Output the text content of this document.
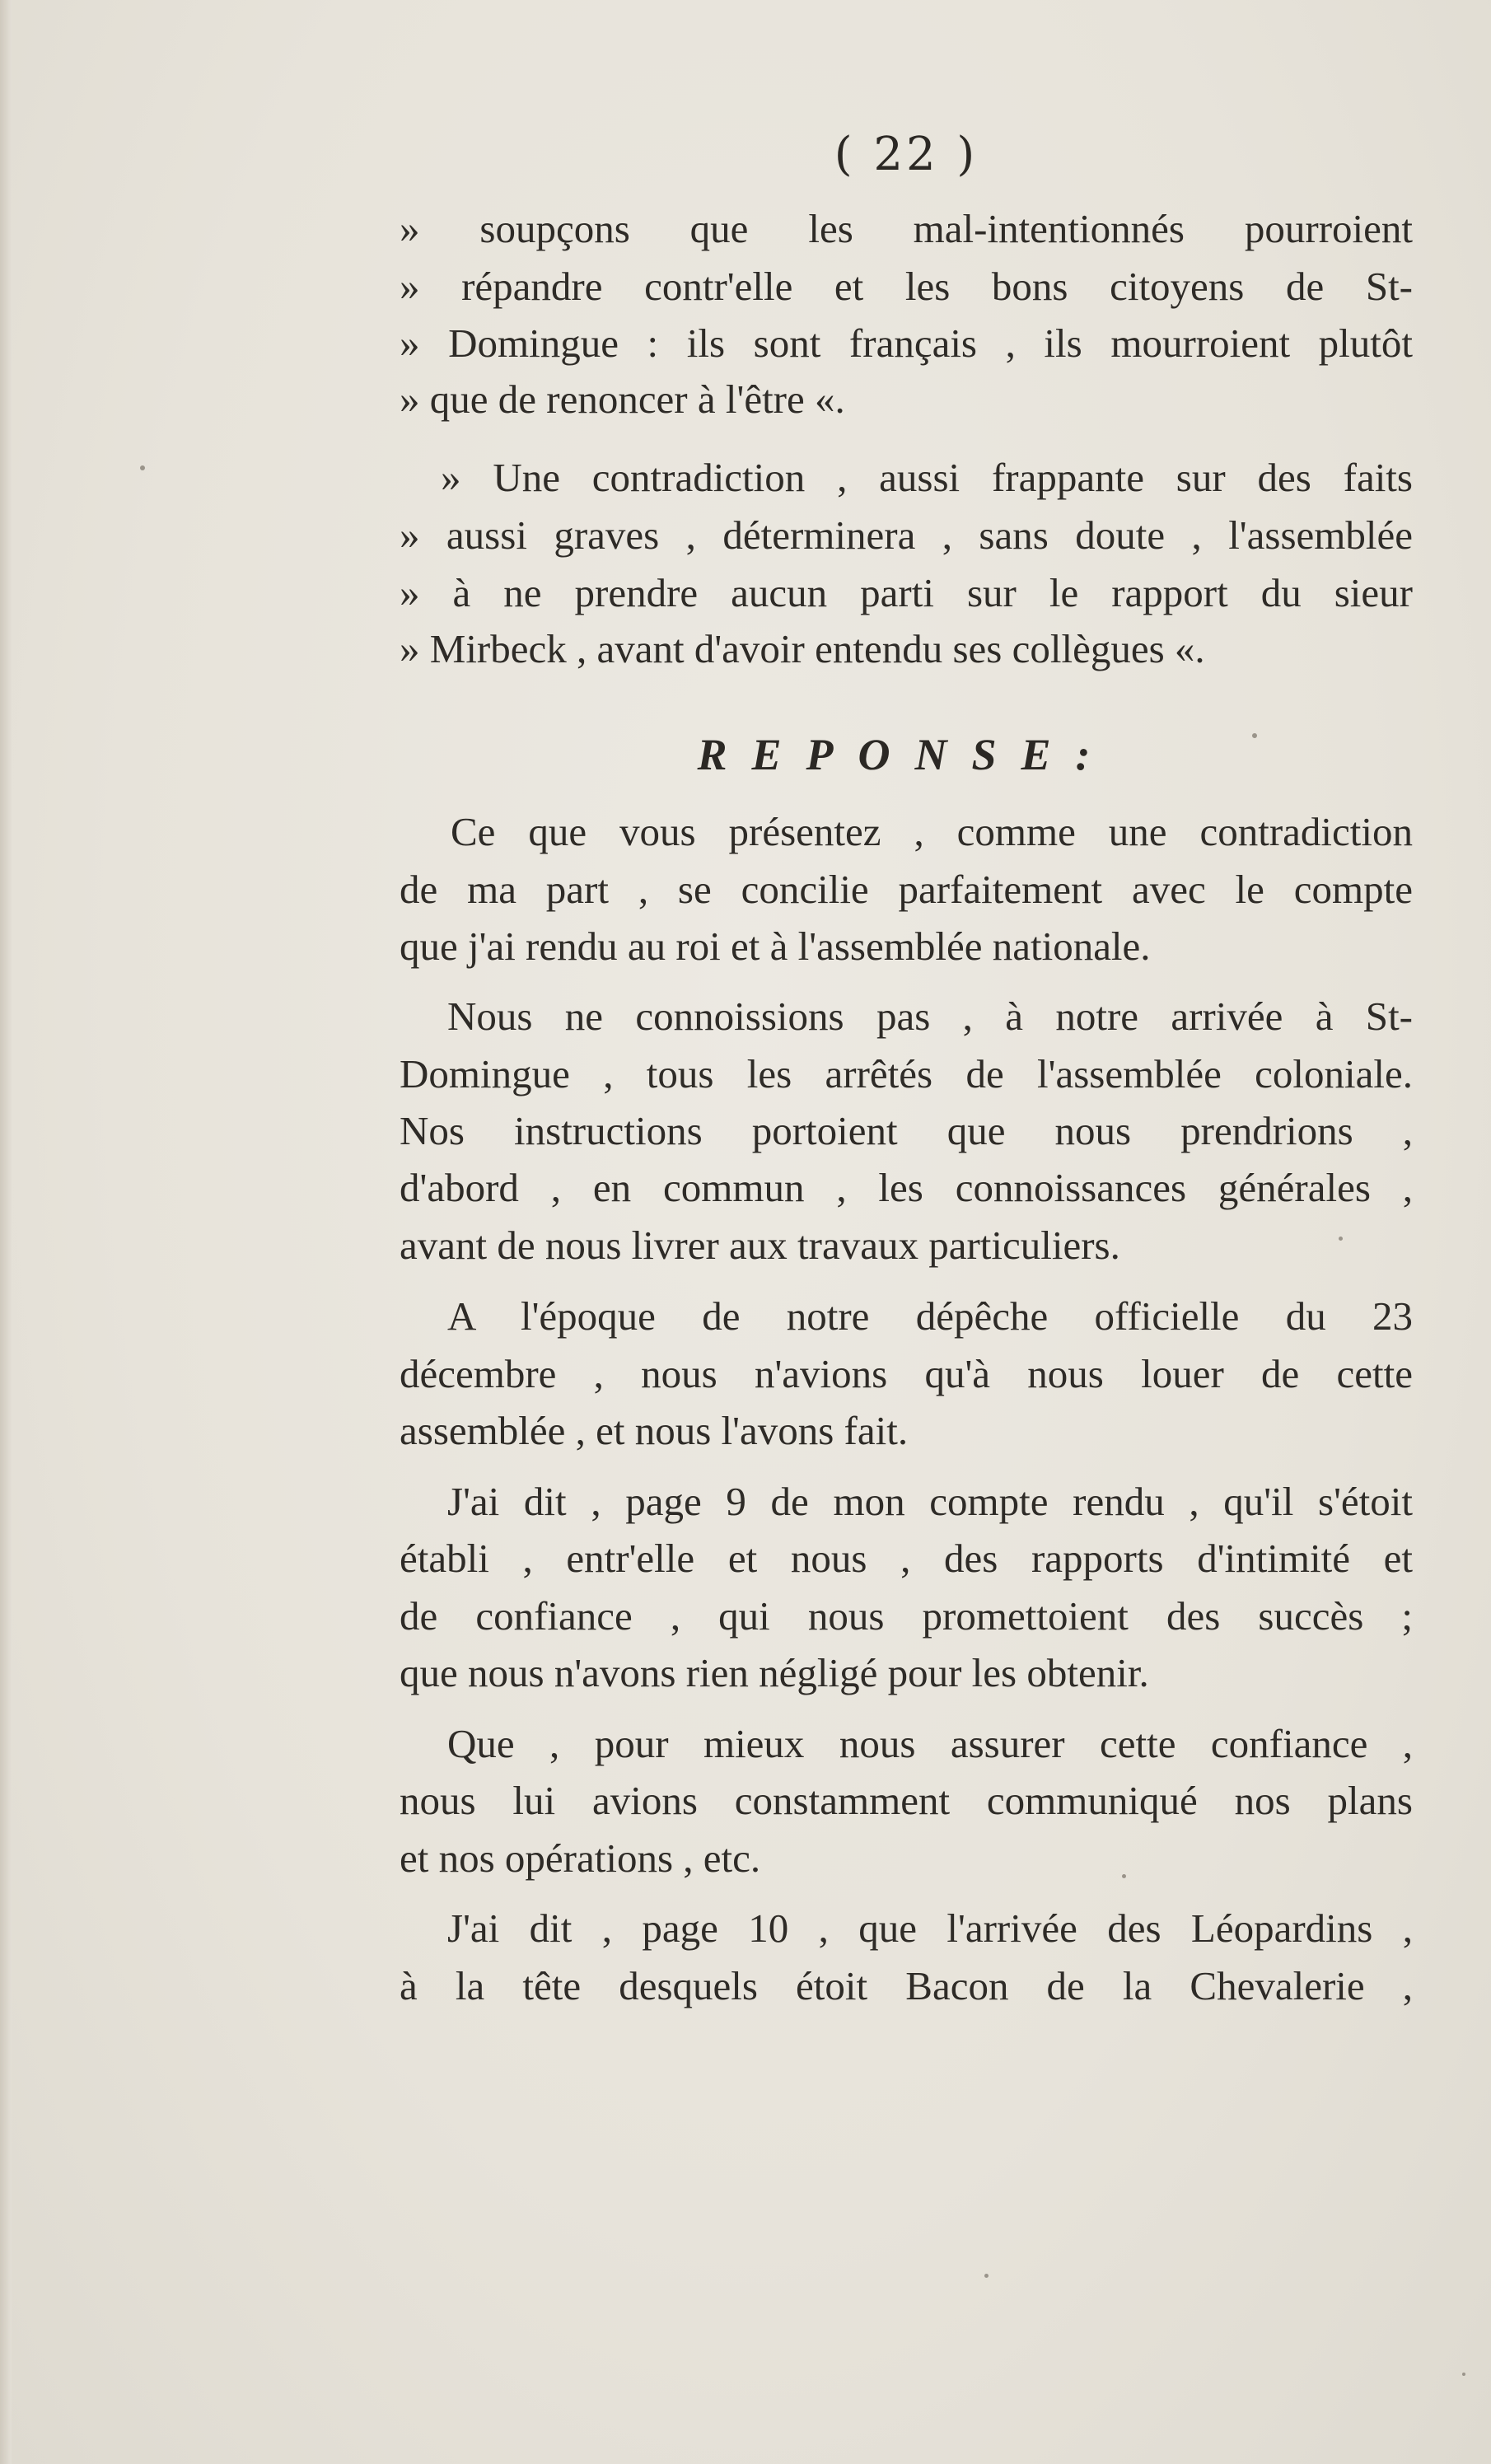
( 22 )
» soupçons que les mal-intentionnés pourroient
» répandre contr'elle et les bons citoyens de St-
» Domingue : ils sont français , ils mourroient plutôt
» que de renoncer à l'être «.
» Une contradiction , aussi frappante sur des faits
» aussi graves , déterminera , sans doute , l'assemblée
» à ne prendre aucun parti sur le rapport du sieur
» Mirbeck , avant d'avoir entendu ses collègues «.
REPONSE:
Ce que vous présentez , comme une contradiction
de ma part , se concilie parfaitement avec le compte
que j'ai rendu au roi et à l'assemblée nationale.
Nous ne connoissions pas , à notre arrivée à St-
Domingue , tous les arrêtés de l'assemblée coloniale.
Nos instructions portoient que nous prendrions ,
d'abord , en commun , les connoissances générales ,
avant de nous livrer aux travaux particuliers.
A l'époque de notre dépêche officielle du 23
décembre , nous n'avions qu'à nous louer de cette
assemblée , et nous l'avons fait.
J'ai dit , page 9 de mon compte rendu , qu'il s'étoit
établi , entr'elle et nous , des rapports d'intimité et
de confiance , qui nous promettoient des succès ;
que nous n'avons rien négligé pour les obtenir.
Que , pour mieux nous assurer cette confiance ,
nous lui avions constamment communiqué nos plans
et nos opérations , etc.
J'ai dit , page 10 , que l'arrivée des Léopardins ,
à la tête desquels étoit Bacon de la Chevalerie ,
